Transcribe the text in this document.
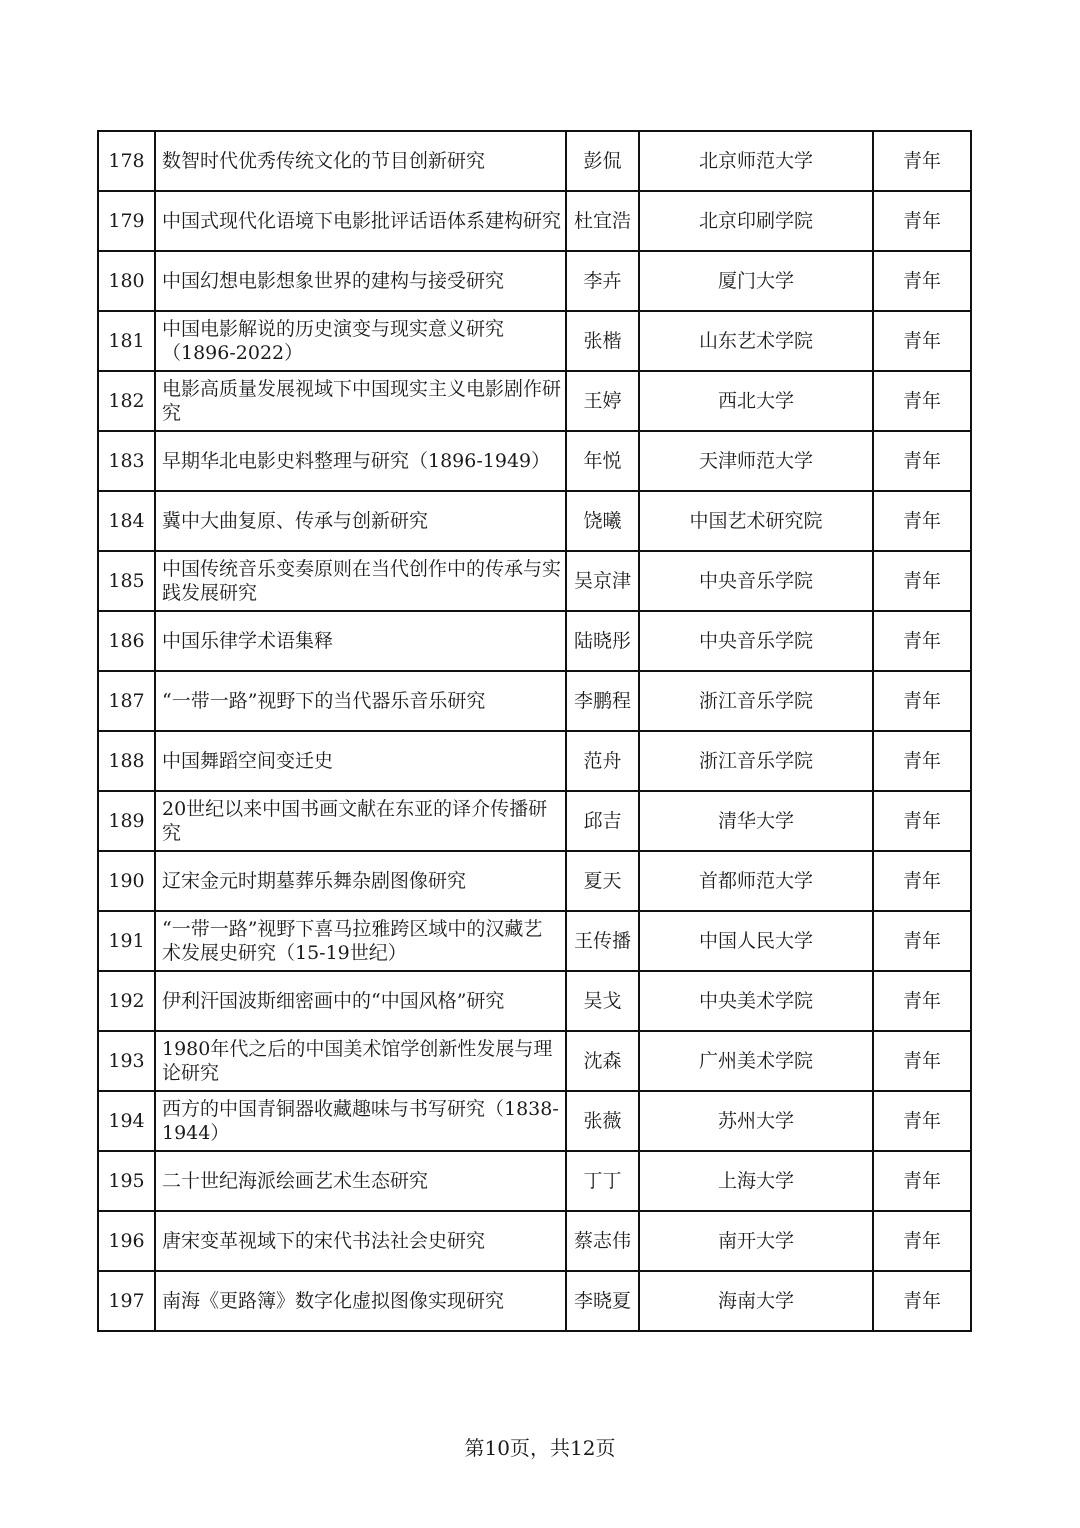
178	数智时代优秀传统文化的节目创新研究	彭侃	北京师范大学	青年
179	中国式现代化语境下电影批评话语体系建构研究	杜宜浩	北京印刷学院	青年
180	中国幻想电影想象世界的建构与接受研究	李卉	厦门大学	青年
181	中国电影解说的历史演变与现实意义研究（1896-2022）	张楷	山东艺术学院	青年
182	电影高质量发展视域下中国现实主义电影剧作研究	王婷	西北大学	青年
183	早期华北电影史料整理与研究（1896-1949）	年悦	天津师范大学	青年
184	冀中大曲复原、传承与创新研究	饶曦	中国艺术研究院	青年
185	中国传统音乐变奏原则在当代创作中的传承与实践发展研究	吴京津	中央音乐学院	青年
186	中国乐律学术语集释	陆晓彤	中央音乐学院	青年
187	“一带一路”视野下的当代器乐音乐研究	李鹏程	浙江音乐学院	青年
188	中国舞蹈空间变迁史	范舟	浙江音乐学院	青年
189	20世纪以来中国书画文献在东亚的译介传播研究	邱吉	清华大学	青年
190	辽宋金元时期墓葬乐舞杂剧图像研究	夏天	首都师范大学	青年
191	“一带一路”视野下喜马拉雅跨区域中的汉藏艺术发展史研究（15-19世纪）	王传播	中国人民大学	青年
192	伊利汗国波斯细密画中的“中国风格”研究	吴戈	中央美术学院	青年
193	1980年代之后的中国美术馆学创新性发展与理论研究	沈森	广州美术学院	青年
194	西方的中国青铜器收藏趣味与书写研究（1838-1944）	张薇	苏州大学	青年
195	二十世纪海派绘画艺术生态研究	丁丁	上海大学	青年
196	唐宋变革视域下的宋代书法社会史研究	蔡志伟	南开大学	青年
197	南海《更路簿》数字化虚拟图像实现研究	李晓夏	海南大学	青年
第10页，共12页
